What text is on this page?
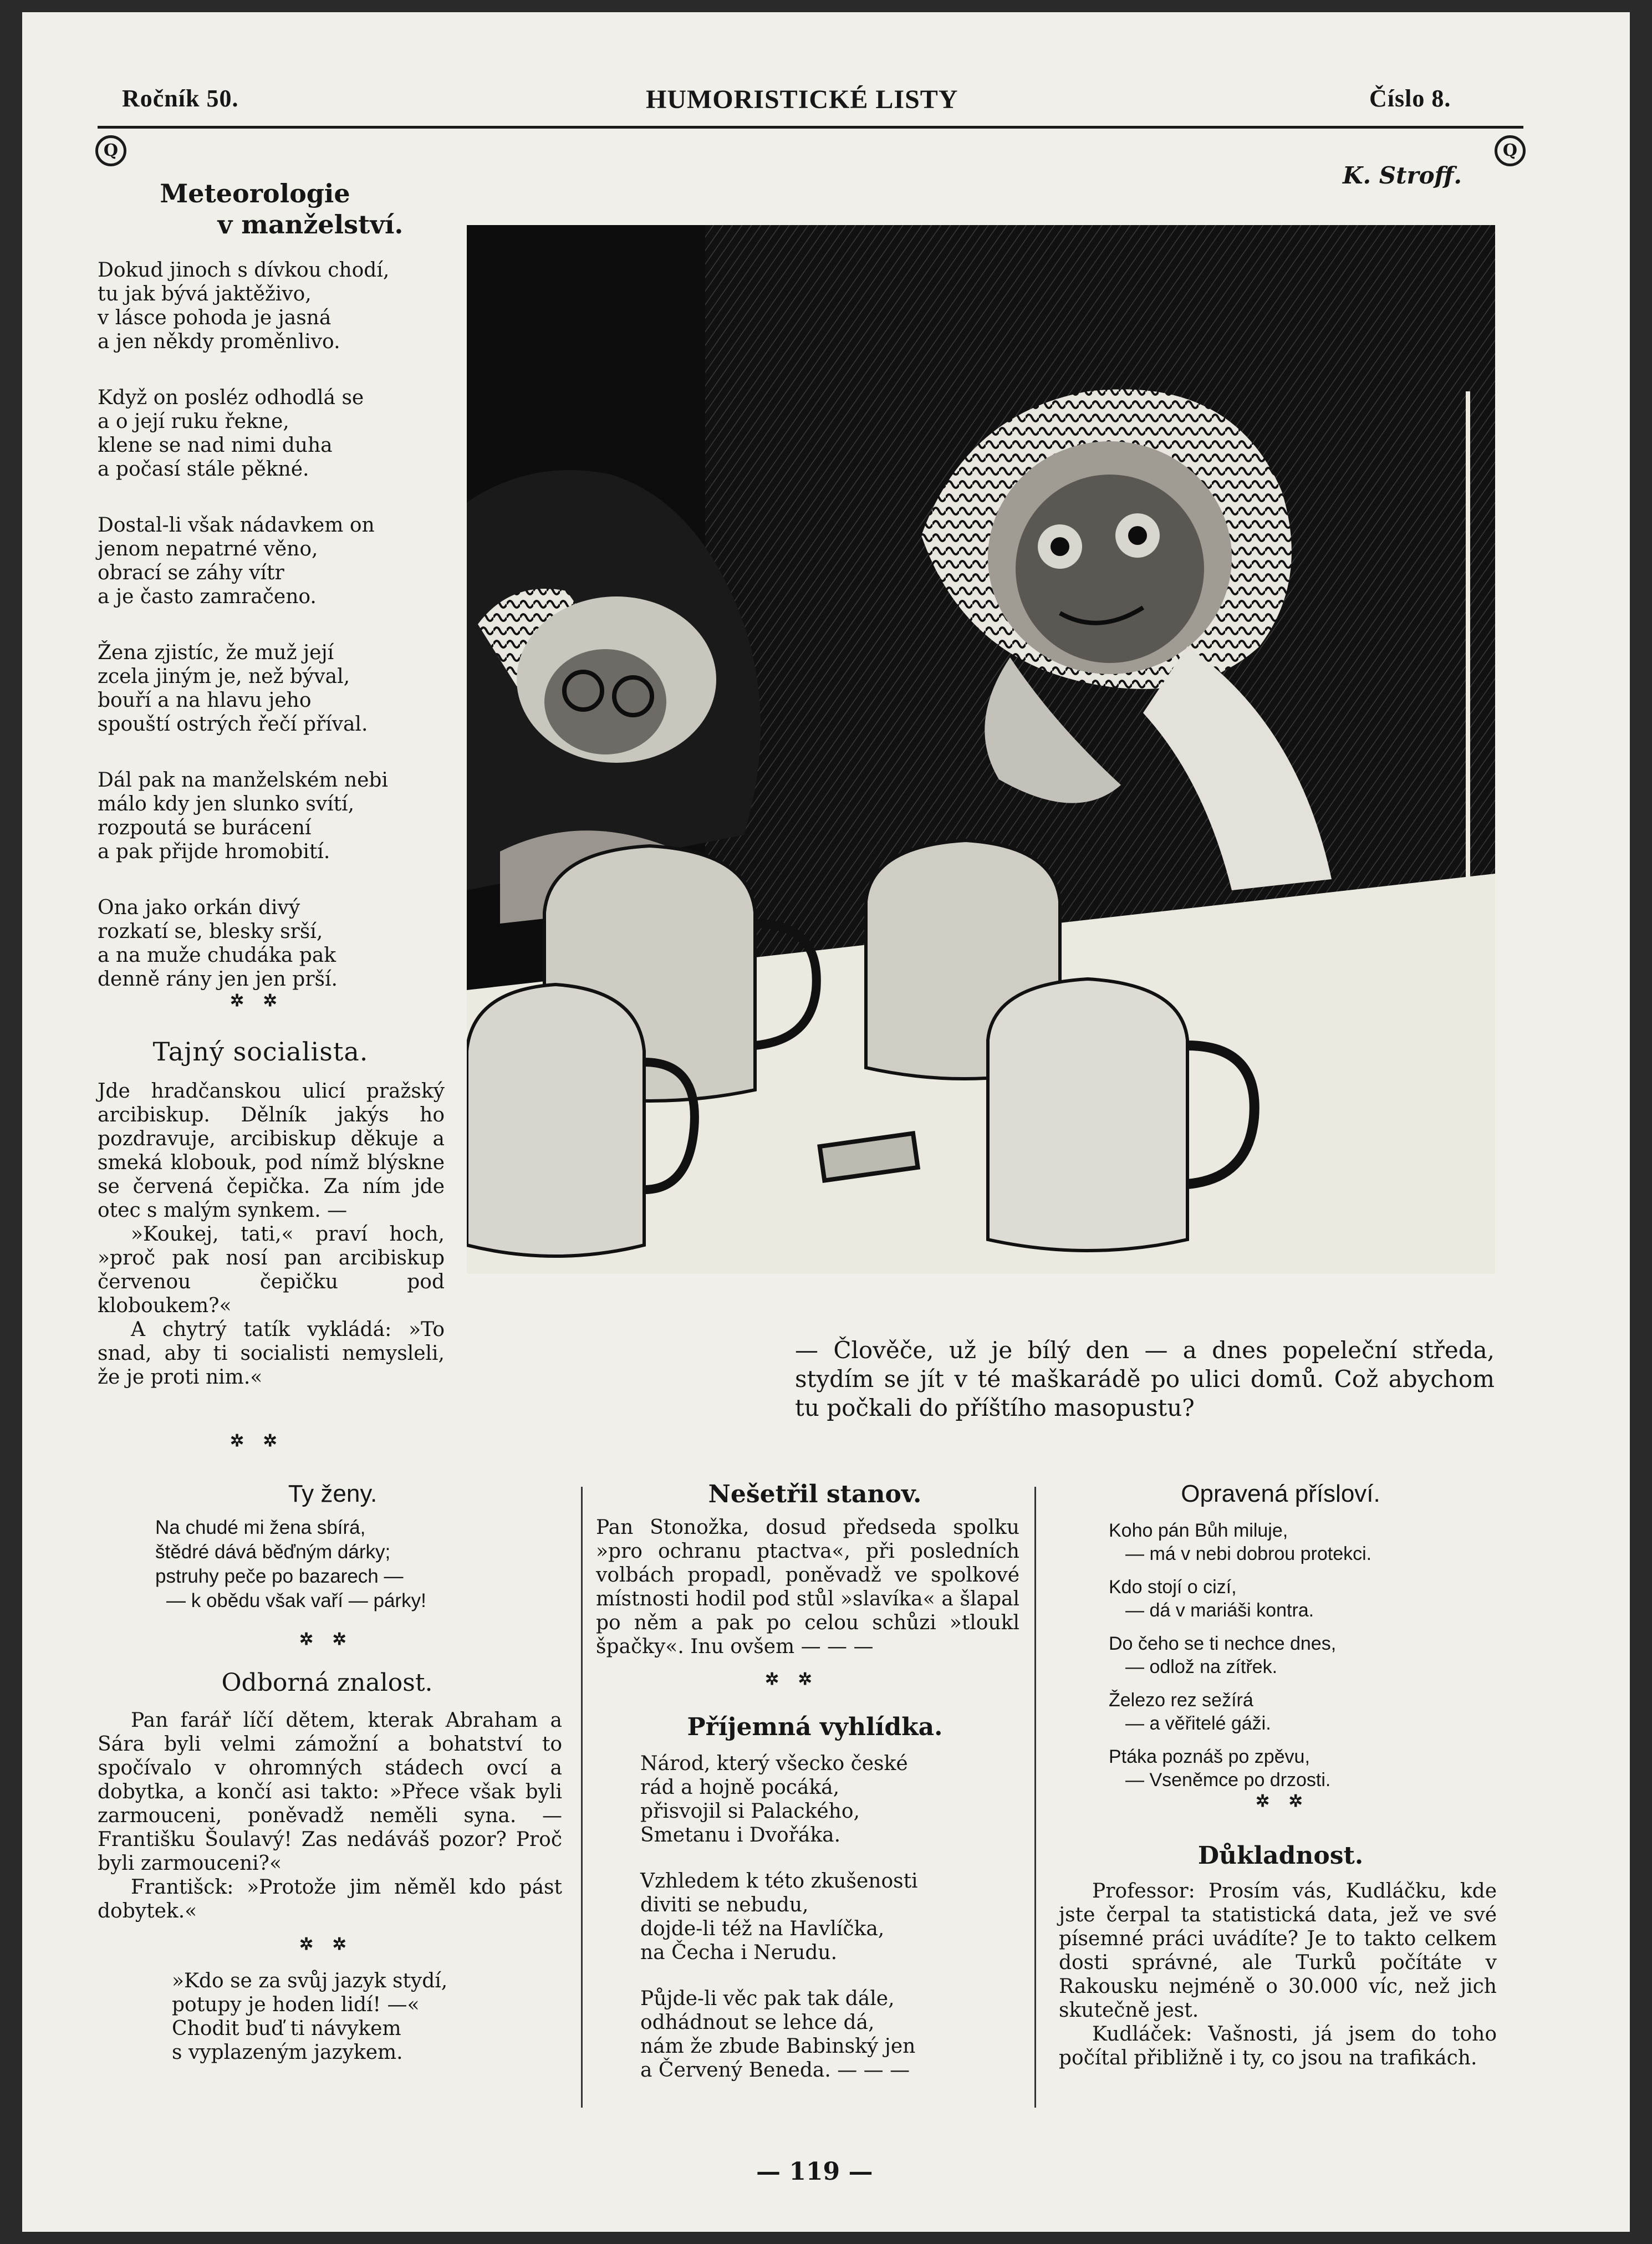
Ročník 50.	HUMORISTICKÉ LISTY	Číslo 8.
Q	Q
Meteorologie
v manželství.

Dokud jinoch s dívkou chodí,
tu jak bývá jaktěživo,
v lásce pohoda je jasná
a jen někdy proměnlivo.

Když on posléz odhodlá se
a o její ruku řekne,
klene se nad nimi duha
a počasí stále pěkné.

Dostal-li však nádavkem on
jenom nepatrné věno,
obrací se záhy vítr
a je často zamračeno.

Žena zjistíc, že muž její
zcela jiným je, než býval,
bouří a na hlavu jeho
spouští ostrých řečí příval.

Dál pak na manželském nebi
málo kdy jen slunko svítí,
rozpoutá se burácení
a pak přijde hromobití.

Ona jako orkán divý
rozkatí se, blesky srší,
a na muže chudáka pak
denně rány jen jen prší.

✲ ✲
Tajný socialista.

Jde hradčanskou ulicí pražský arcibiskup. Dělník jakýs ho pozdravuje, arcibiskup děkuje a smeká klobouk, pod nímž blýskne se červená čepička. Za ním jde otec s malým synkem. —

»Koukej, tati,« praví hoch, »proč pak nosí pan arcibiskup červenou čepičku pod kloboukem?«

A chytrý tatík vykládá: »To snad, aby ti socialisti nemysleli, že je proti nim.«

✲ ✲
K. Stroff.
— Člověče, už je bílý den — a dnes popeleční středa, stydím se jít v té maškarádě po ulici domů. Což abychom tu počkali do příštího masopustu?
Ty ženy.
Na chudé mi žena sbírá,
štědré dává běďným dárky;
pstruhy peče po bazarech —
— k obědu však vaří — párky!
✲ ✲
Odborná znalost.

Pan farář líčí dětem, kterak Abraham a Sára byli velmi zámožní a bohatství to spočívalo v ohromných stádech ovcí a dobytka, a končí asi takto: »Přece však byli zarmouceni, poněvadž neměli syna. — Františku Šoulavý! Zas nedáváš pozor? Proč byli zarmouceni?«

Františck: »Protože jim něměl kdo pást dobytek.«

✲ ✲
»Kdo se za svůj jazyk stydí,
potupy je hoden lidí! —«
Chodit buď ti návykem
s vyplazeným jazykem.
Nešetřil stanov.
Pan Stonožka, dosud předseda spolku »pro ochranu ptactva«, při posledních volbách propadl, poněvadž ve spolkové místnosti hodil pod stůl »slavíka« a šlapal po něm a pak po celou schůzi »tloukl špačky«. Inu ovšem — — —
✲ ✲
Příjemná vyhlídka.

Národ, který všecko české
rád a hojně pocáká,
přisvojil si Palackého,
Smetanu i Dvořáka.

Vzhledem k této zkušenosti
diviti se nebudu,
dojde-li též na Havlíčka,
na Čecha i Nerudu.

Půjde-li věc pak tak dále,
odhádnout se lehce dá,
nám že zbude Babinský jen
a Červený Beneda. — — —

Opravená přísloví.

Koho pán Bůh miluje,
— má v nebi dobrou protekci.

Kdo stojí o cizí,
— dá v mariáši kontra.

Do čeho se ti nechce dnes,
— odlož na zítřek.

Železo rez sežírá
— a věřitelé gáži.

Ptáka poznáš po zpěvu,
— Vseněmce po drzosti.

✲ ✲
Důkladnost.

Professor: Prosím vás, Kudláčku, kde jste čerpal ta statistická data, jež ve své písemné práci uvádíte? Je to takto celkem dosti správné, ale Turků počítáte v Rakousku nejméně o 30.000 víc, než jich skutečně jest.

Kudláček: Vašnosti, já jsem do toho počítal přibližně i ty, co jsou na trafikách.

— 119 —
